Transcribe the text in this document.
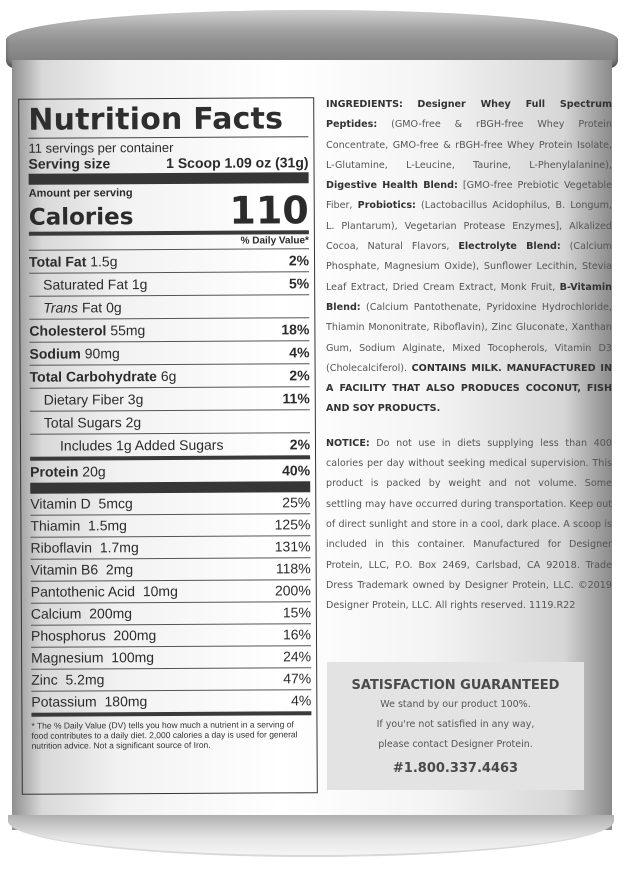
Nutrition Facts
11 servings per container
Serving size	1 Scoop 1.09 oz (31g)
Amount per serving
Calories	110
% Daily Value*
Total Fat 1.5g	2%
Saturated Fat 1g	5%
Trans Fat 0g
Cholesterol 55mg	18%
Sodium 90mg	4%
Total Carbohydrate 6g	2%
Dietary Fiber 3g	11%
Total Sugars 2g
Includes 1g Added Sugars	2%
Protein 20g	40%
Vitamin D 5mcg	25%
Thiamin 1.5mg	125%
Riboflavin 1.7mg	131%
Vitamin B6 2mg	118%
Pantothenic Acid 10mg	200%
Calcium 200mg	15%
Phosphorus 200mg	16%
Magnesium 100mg	24%
Zinc 5.2mg	47%
Potassium 180mg	4%
* The % Daily Value (DV) tells you how much a nutrient in a serving of food contributes to a daily diet. 2,000 calories a day is used for general nutrition advice. Not a significant source of Iron.

INGREDIENTS: Designer Whey Full Spectrum Peptides: (GMO-free & rBGH-free Whey Protein Concentrate, GMO-free & rBGH-free Whey Protein Isolate, L-Glutamine, L-Leucine, Taurine, L-Phenylalanine), Digestive Health Blend: [GMO-free Prebiotic Vegetable Fiber, Probiotics: (Lactobacillus Acidophilus, B. Longum, L. Plantarum), Vegetarian Protease Enzymes], Alkalized Cocoa, Natural Flavors, Electrolyte Blend: (Calcium Phosphate, Magnesium Oxide), Sunflower Lecithin, Stevia Leaf Extract, Dried Cream Extract, Monk Fruit, B-Vitamin Blend: (Calcium Pantothenate, Pyridoxine Hydrochloride, Thiamin Mononitrate, Riboflavin), Zinc Gluconate, Xanthan Gum, Sodium Alginate, Mixed Tocopherols, Vitamin D3 (Cholecalciferol). CONTAINS MILK. MANUFACTURED IN A FACILITY THAT ALSO PRODUCES COCONUT, FISH AND SOY PRODUCTS.

NOTICE: Do not use in diets supplying less than 400 calories per day without seeking medical supervision. This product is packed by weight and not volume. Some settling may have occurred during transportation. Keep out of direct sunlight and store in a cool, dark place. A scoop is included in this container. Manufactured for Designer Protein, LLC, P.O. Box 2469, Carlsbad, CA 92018. Trade Dress Trademark owned by Designer Protein, LLC. ©2019 Designer Protein, LLC. All rights reserved. 1119.R22

SATISFACTION GUARANTEED
We stand by our product 100%.
If you're not satisfied in any way,
please contact Designer Protein.
#1.800.337.4463
